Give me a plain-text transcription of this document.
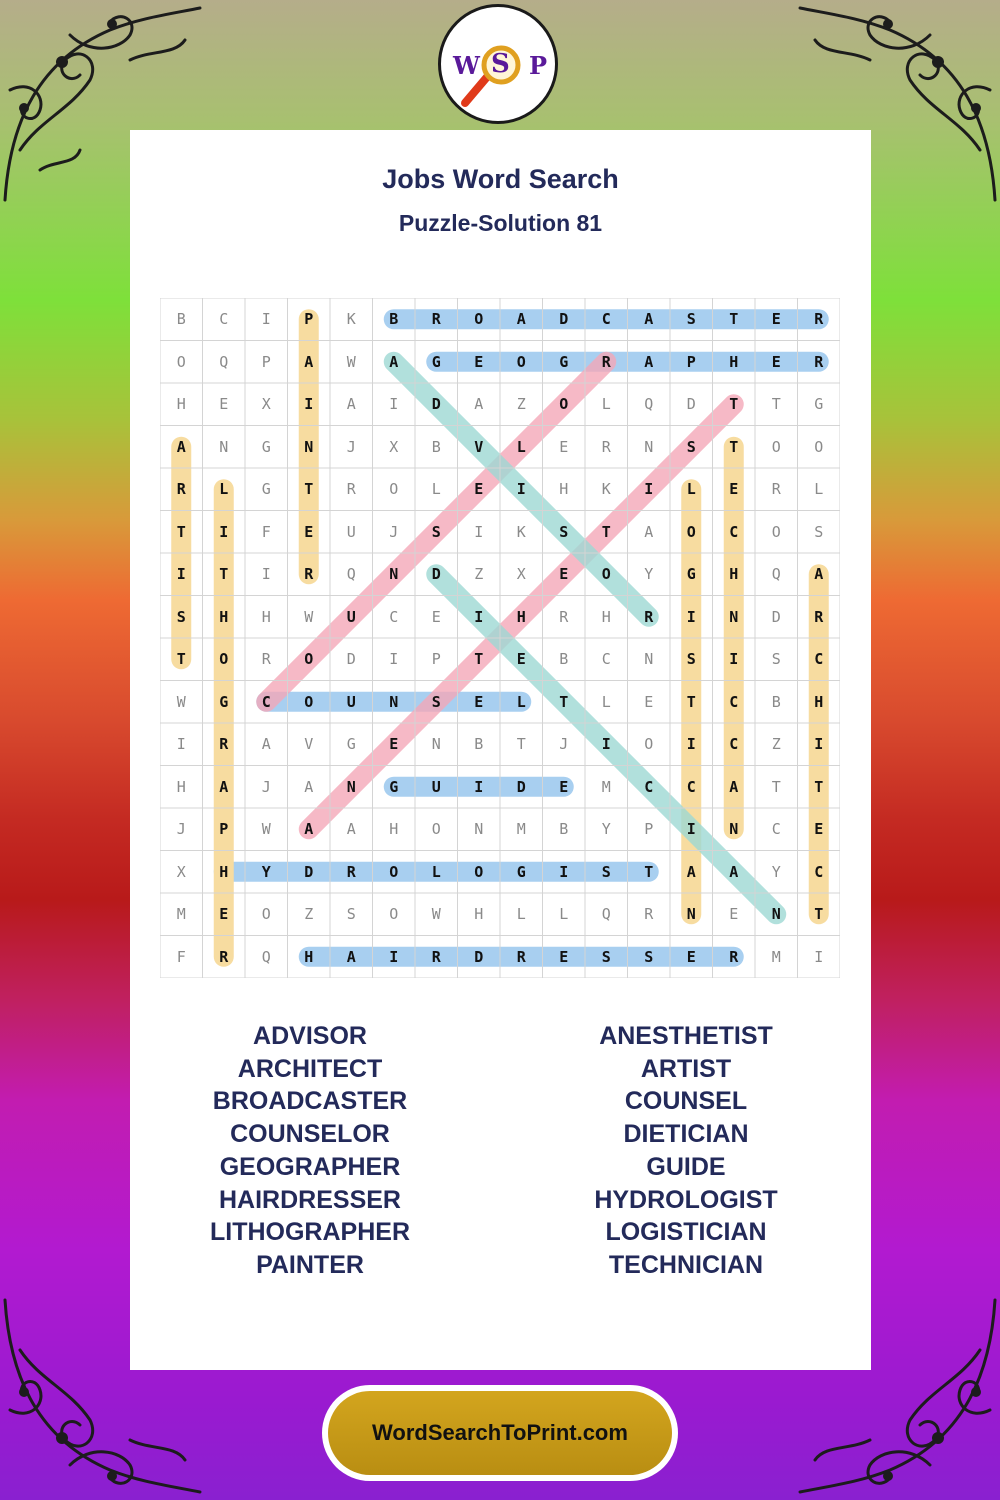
W S P
Jobs Word Search
Puzzle-Solution 81
B	C	I	P	K	B	R	O	A	D	C	A	S	T	E	R
O	Q	P	A	W	A	G	E	O	G	R	A	P	H	E	R
H	E	X	I	A	I	D	A	Z	O	L	Q	D	T	T	G
A	N	G	N	J	X	B	V	L	E	R	N	S	T	O	O
R	L	G	T	R	O	L	E	I	H	K	I	L	E	R	L
T	I	F	E	U	J	S	I	K	S	T	A	O	C	O	S
I	T	I	R	Q	N	D	Z	X	E	O	Y	G	H	Q	A
S	H	H	W	U	C	E	I	H	R	H	R	I	N	D	R
T	O	R	O	D	I	P	T	E	B	C	N	S	I	S	C
W	G	C	O	U	N	S	E	L	T	L	E	T	C	B	H
I	R	A	V	G	E	N	B	T	J	I	O	I	C	Z	I
H	A	J	A	N	G	U	I	D	E	M	C	C	A	T	T
J	P	W	A	A	H	O	N	M	B	Y	P	I	N	C	E
X	H	Y	D	R	O	L	O	G	I	S	T	A	A	Y	C
M	E	O	Z	S	O	W	H	L	L	Q	R	N	E	N	T
F	R	Q	H	A	I	R	D	R	E	S	S	E	R	M	I
ADVISOR
ARCHITECT
BROADCASTER
COUNSELOR
GEOGRAPHER
HAIRDRESSER
LITHOGRAPHER
PAINTER
ANESTHETIST
ARTIST
COUNSEL
DIETICIAN
GUIDE
HYDROLOGIST
LOGISTICIAN
TECHNICIAN
WordSearchToPrint.com
